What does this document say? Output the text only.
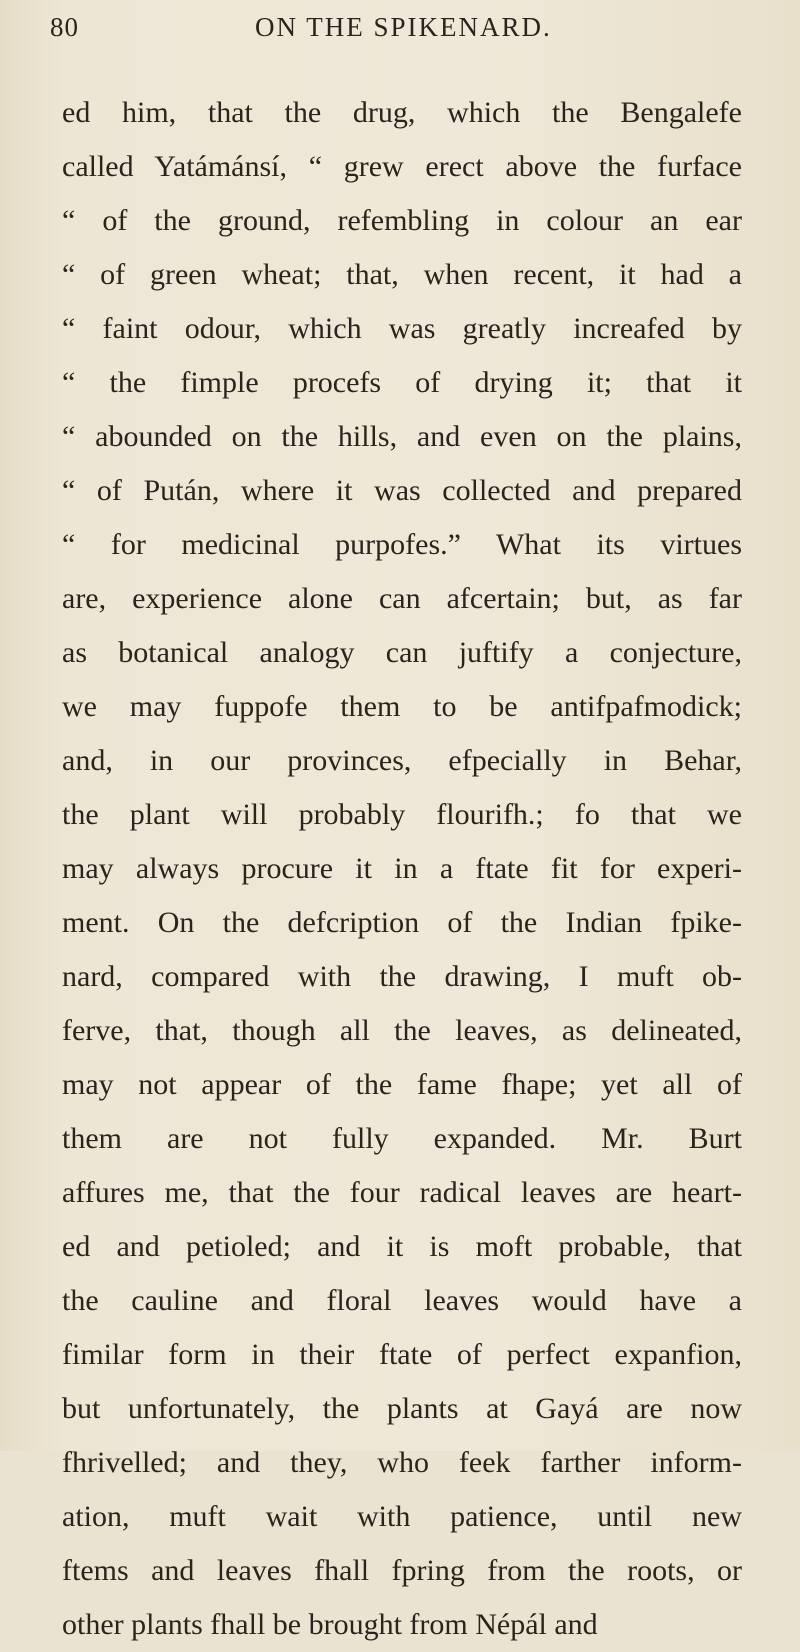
80	ON THE SPIKENARD.
ed him, that the drug, which the Bengalefe
called Yatámánsí, “ grew erect above the furface
“ of the ground, refembling in colour an ear
“ of green wheat; that, when recent, it had a
“ faint odour, which was greatly increafed by
“ the fimple procefs of drying it; that it
“ abounded on the hills, and even on the plains,
“ of Pután, where it was collected and prepared
“ for medicinal purpofes.” What its virtues
are, experience alone can afcertain; but, as far
as botanical analogy can juftify a conjecture,
we may fuppofe them to be antifpafmodick;
and, in our provinces, efpecially in Behar,
the plant will probably flourifh.; fo that we
may always procure it in a ftate fit for experi-
ment. On the defcription of the Indian fpike-
nard, compared with the drawing, I muft ob-
ferve, that, though all the leaves, as delineated,
may not appear of the fame fhape; yet all of
them are not fully expanded. Mr. Burt
affures me, that the four radical leaves are heart-
ed and petioled; and it is moft probable, that
the cauline and floral leaves would have a
fimilar form in their ftate of perfect expanfion,
but unfortunately, the plants at Gayá are now
fhrivelled; and they, who feek farther inform-
ation, muft wait with patience, until new
ftems and leaves fhall fpring from the roots, or
other plants fhall be brought from Népál and
